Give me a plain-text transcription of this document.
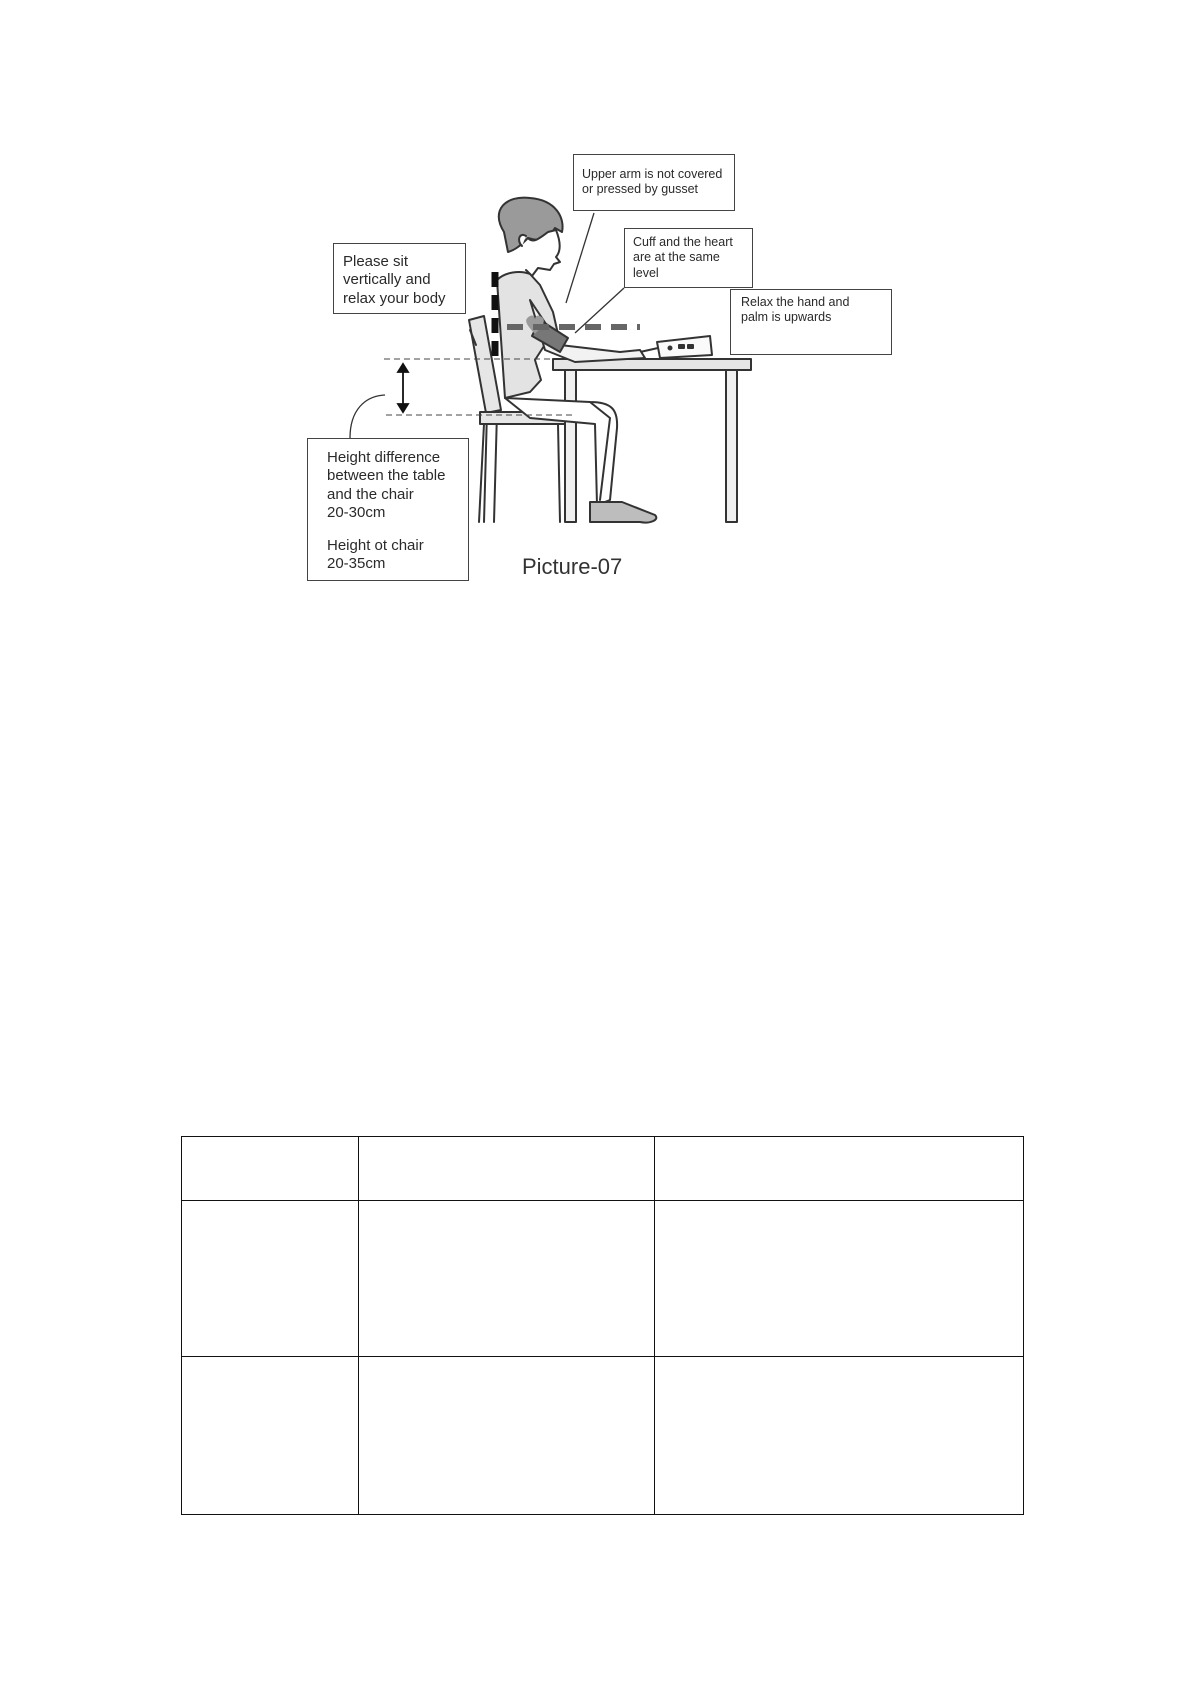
Please sit
vertically and
relax your body
Upper arm is not covered
or pressed by gusset
Cuff and the heart
are at the same
level
Relax the hand and
palm is upwards
Height difference
between the table
and the chair
20-30cm
Height ot chair
20-35cm	Picture-07
